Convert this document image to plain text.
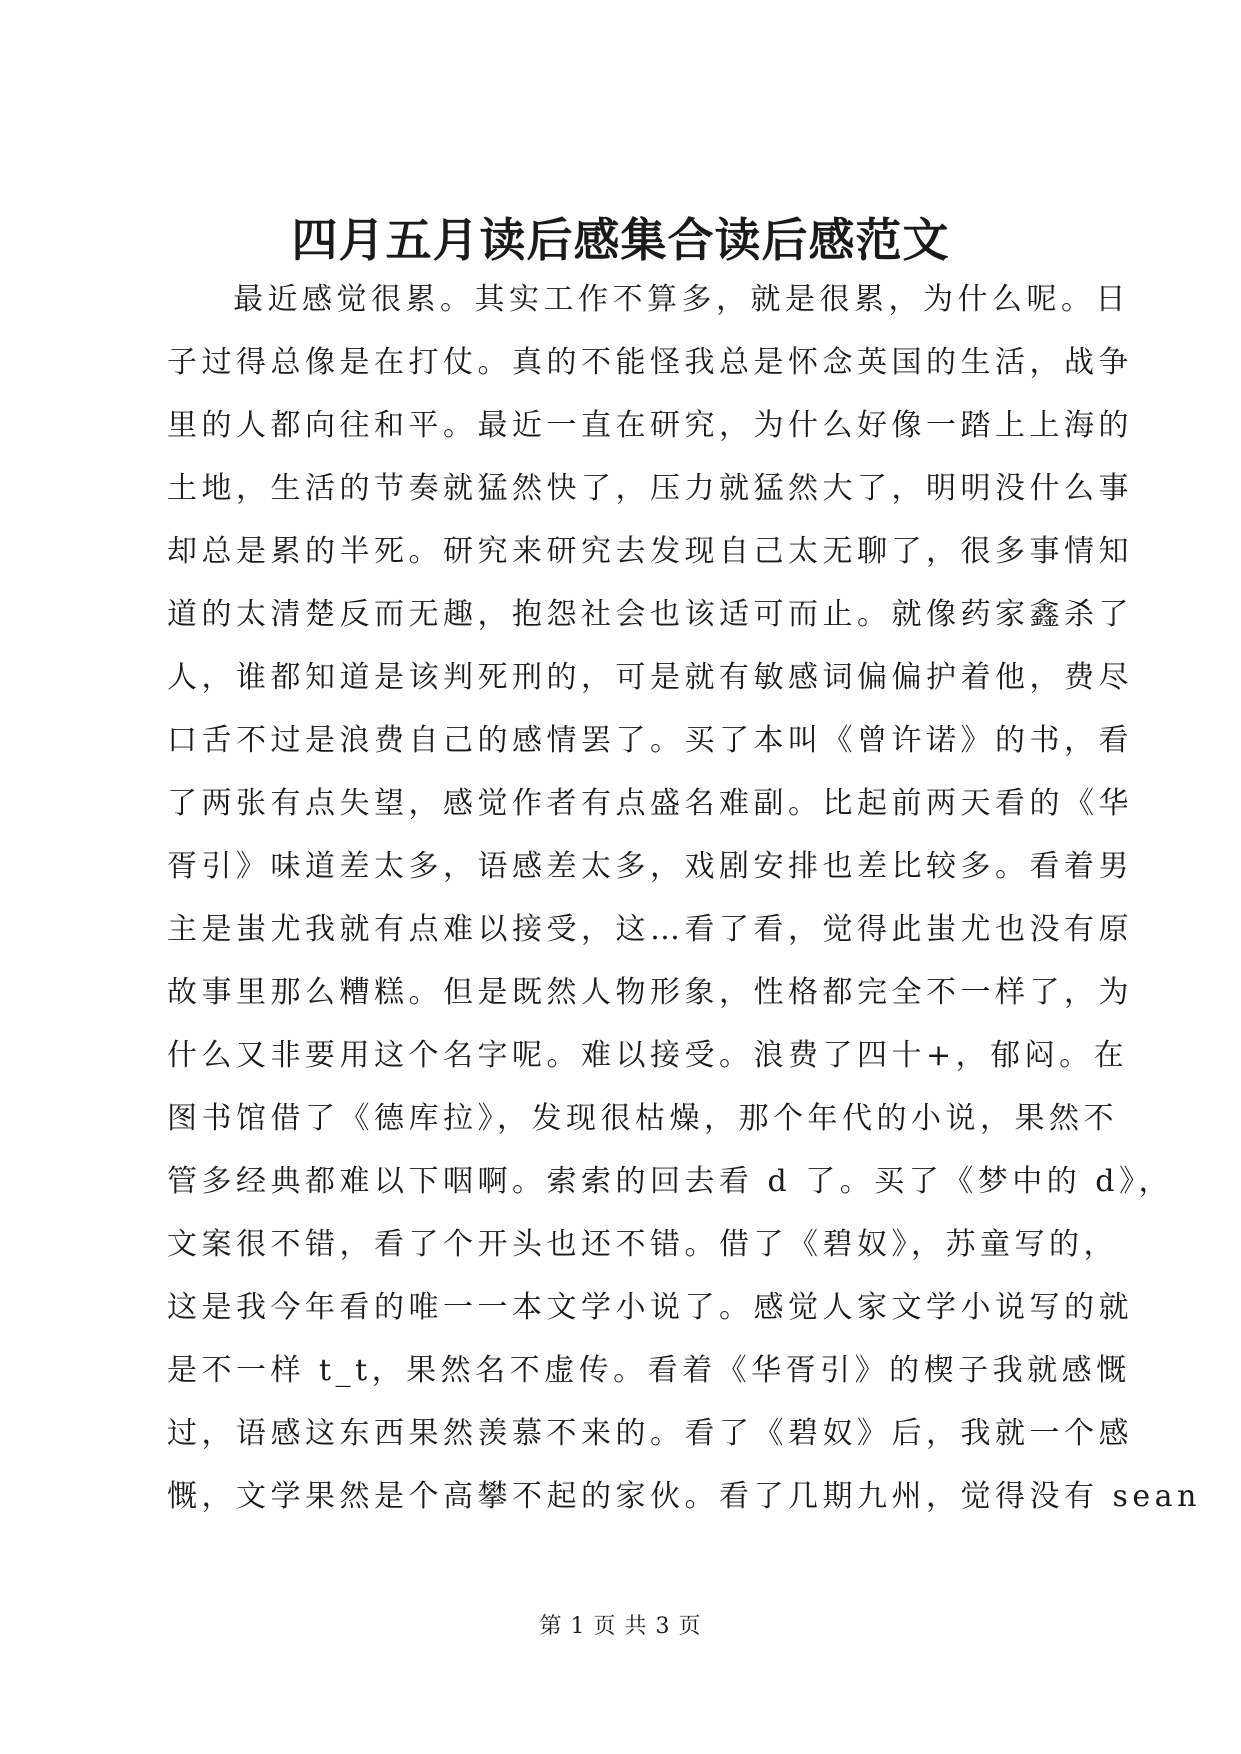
四月五月读后感集合读后感范文
最近感觉很累。其实工作不算多，就是很累，为什么呢。日
子过得总像是在打仗。真的不能怪我总是怀念英国的生活，战争
里的人都向往和平。最近一直在研究，为什么好像一踏上上海的
土地，生活的节奏就猛然快了，压力就猛然大了，明明没什么事
却总是累的半死。研究来研究去发现自己太无聊了，很多事情知
道的太清楚反而无趣，抱怨社会也该适可而止。就像药家鑫杀了
人，谁都知道是该判死刑的，可是就有敏感词偏偏护着他，费尽
口舌不过是浪费自己的感情罢了。买了本叫《曾许诺》的书，看
了两张有点失望，感觉作者有点盛名难副。比起前两天看的《华
胥引》味道差太多，语感差太多，戏剧安排也差比较多。看着男
主是蚩尤我就有点难以接受，这…看了看，觉得此蚩尤也没有原
故事里那么糟糕。但是既然人物形象，性格都完全不一样了，为
什么又非要用这个名字呢。难以接受。浪费了四十+，郁闷。在
图书馆借了《德库拉》，发现很枯燥，那个年代的小说，果然不
管多经典都难以下咽啊。索索的回去看 d 了。买了《梦中的 d》，
文案很不错，看了个开头也还不错。借了《碧奴》，苏童写的，
这是我今年看的唯一一本文学小说了。感觉人家文学小说写的就
是不一样 t_t，果然名不虚传。看着《华胥引》的楔子我就感慨
过，语感这东西果然羡慕不来的。看了《碧奴》后，我就一个感
慨，文学果然是个高攀不起的家伙。看了几期九州，觉得没有 sean
第 1 页 共 3 页
